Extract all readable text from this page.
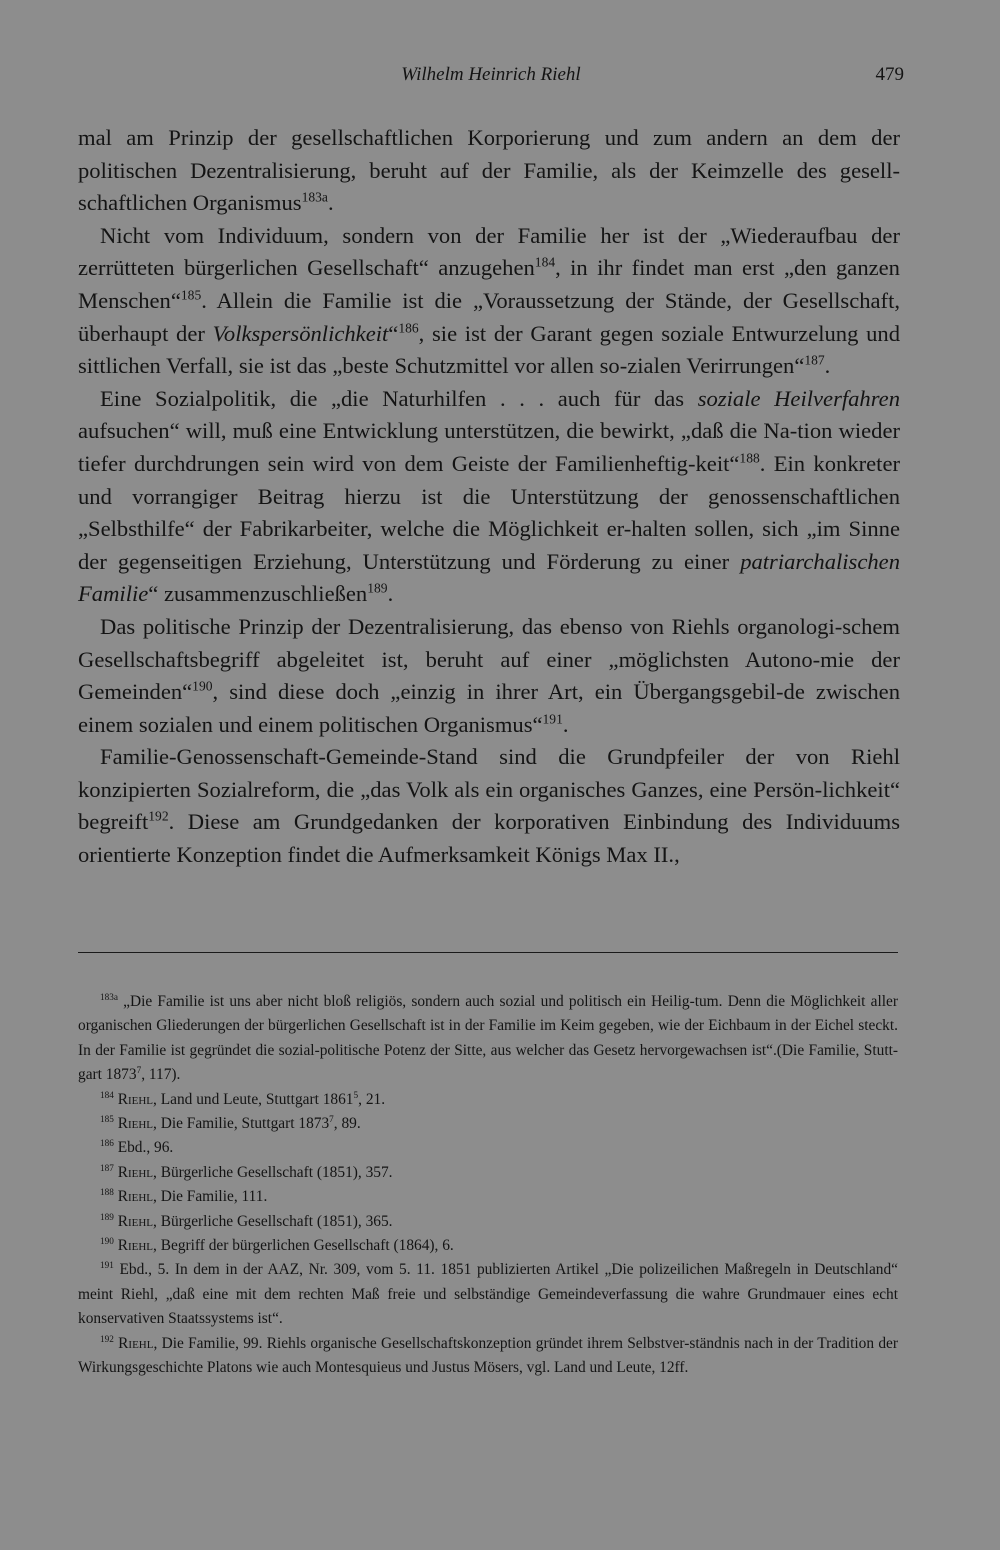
Wilhelm Heinrich Riehl	479

mal am Prinzip der gesellschaftlichen Korporierung und zum andern an dem der politischen Dezentralisierung, beruht auf der Familie, als der Keimzelle des gesell-schaftlichen Organismus$^{183a}$.

Nicht vom Individuum, sondern von der Familie her ist der „Wiederaufbau der zerrütteten bürgerlichen Gesellschaft“ anzugehen$^{184}$, in ihr findet man erst „den ganzen Menschen“$^{185}$. Allein die Familie ist die „Voraussetzung der Stände, der Gesellschaft, überhaupt der Volkspersönlichkeit“$^{186}$, sie ist der Garant gegen soziale Entwurzelung und sittlichen Verfall, sie ist das „beste Schutzmittel vor allen so-zialen Verirrungen“$^{187}$.

Eine Sozialpolitik, die „die Naturhilfen . . . auch für das soziale Heilverfahren aufsuchen“ will, muß eine Entwicklung unterstützen, die bewirkt, „daß die Na-tion wieder tiefer durchdrungen sein wird von dem Geiste der Familienheftig-keit“$^{188}$. Ein konkreter und vorrangiger Beitrag hierzu ist die Unterstützung der genossenschaftlichen „Selbsthilfe“ der Fabrikarbeiter, welche die Möglichkeit er-halten sollen, sich „im Sinne der gegenseitigen Erziehung, Unterstützung und Förderung zu einer patriarchalischen Familie“ zusammenzuschließen$^{189}$.

Das politische Prinzip der Dezentralisierung, das ebenso von Riehls organologi-schem Gesellschaftsbegriff abgeleitet ist, beruht auf einer „möglichsten Autono-mie der Gemeinden“$^{190}$, sind diese doch „einzig in ihrer Art, ein Übergangsgebil-de zwischen einem sozialen und einem politischen Organismus“$^{191}$.

Familie-Genossenschaft-Gemeinde-Stand sind die Grundpfeiler der von Riehl konzipierten Sozialreform, die „das Volk als ein organisches Ganzes, eine Persön-lichkeit“ begreift$^{192}$. Diese am Grundgedanken der korporativen Einbindung des Individuums orientierte Konzeption findet die Aufmerksamkeit Königs Max II.,

$^{183a}$ „Die Familie ist uns aber nicht bloß religiös, sondern auch sozial und politisch ein Heilig-tum. Denn die Möglichkeit aller organischen Gliederungen der bürgerlichen Gesellschaft ist in der Familie im Keim gegeben, wie der Eichbaum in der Eichel steckt. In der Familie ist gegründet die sozial-politische Potenz der Sitte, aus welcher das Gesetz hervorgewachsen ist“.(Die Familie, Stutt-gart 1873$^7$, 117).

$^{184}$ Riehl, Land und Leute, Stuttgart 1861$^5$, 21.

$^{185}$ Riehl, Die Familie, Stuttgart 1873$^7$, 89.

$^{186}$ Ebd., 96.

$^{187}$ Riehl, Bürgerliche Gesellschaft (1851), 357.

$^{188}$ Riehl, Die Familie, 111.

$^{189}$ Riehl, Bürgerliche Gesellschaft (1851), 365.

$^{190}$ Riehl, Begriff der bürgerlichen Gesellschaft (1864), 6.

$^{191}$ Ebd., 5. In dem in der AAZ, Nr. 309, vom 5. 11. 1851 publizierten Artikel „Die polizeilichen Maßregeln in Deutschland“ meint Riehl, „daß eine mit dem rechten Maß freie und selbständige Gemeindeverfassung die wahre Grundmauer eines echt konservativen Staatssystems ist“.

$^{192}$ Riehl, Die Familie, 99. Riehls organische Gesellschaftskonzeption gründet ihrem Selbstver-ständnis nach in der Tradition der Wirkungsgeschichte Platons wie auch Montesquieus und Justus Mösers, vgl. Land und Leute, 12ff.
